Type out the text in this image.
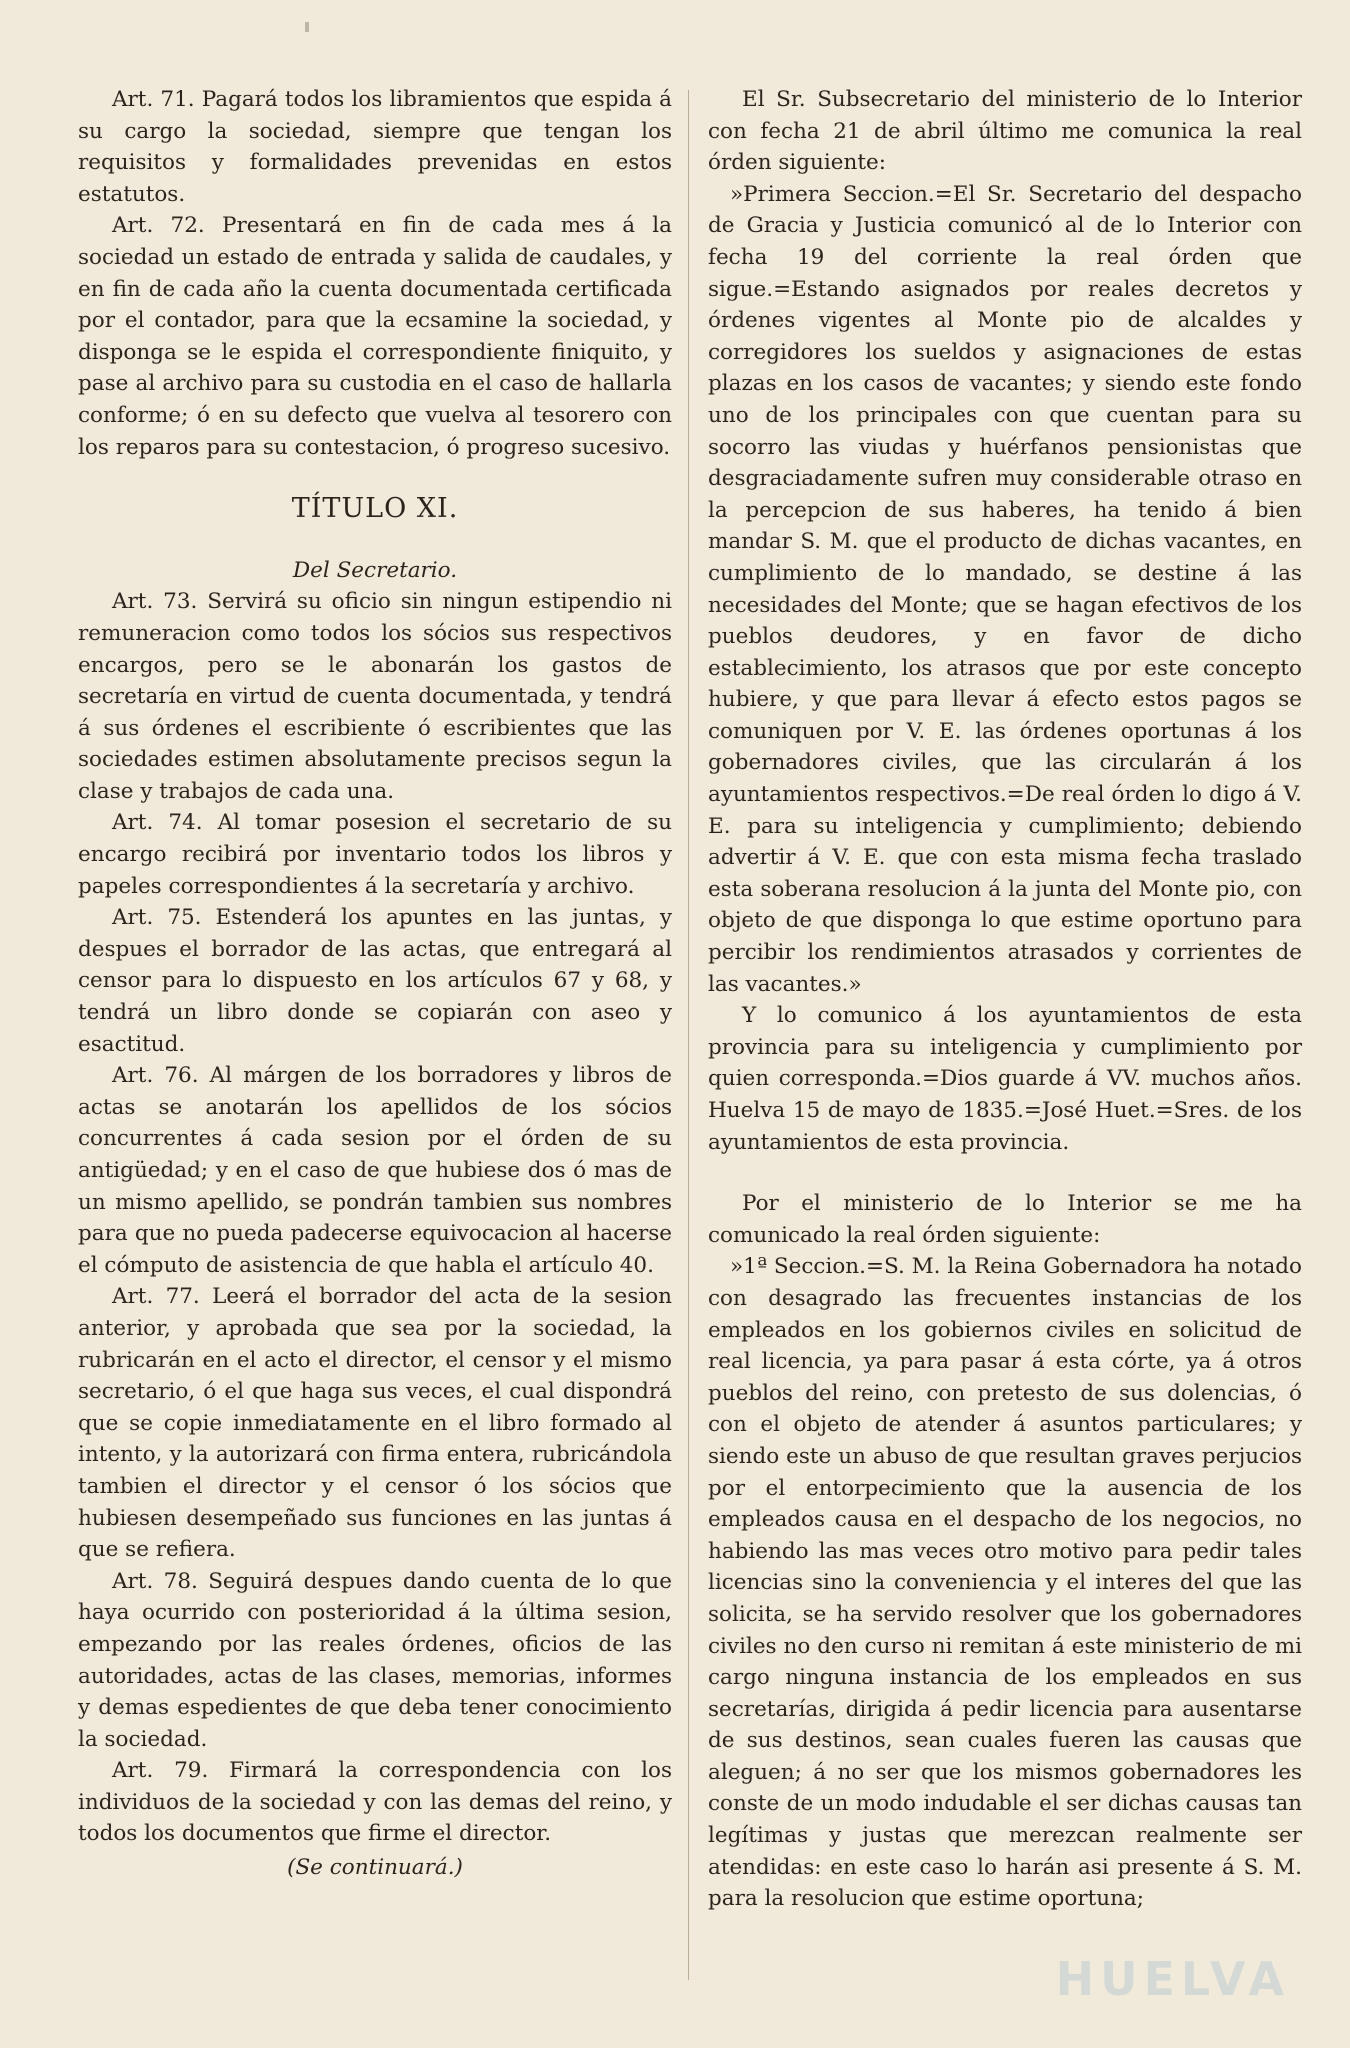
Art. 71. Pagará todos los libramientos que espida á su cargo la sociedad, siempre que tengan los requisitos y formalidades prevenidas en estos estatutos.

Art. 72. Presentará en fin de cada mes á la sociedad un estado de entrada y salida de caudales, y en fin de cada año la cuenta documentada certificada por el contador, para que la ecsamine la sociedad, y disponga se le espida el correspondiente finiquito, y pase al archivo para su custodia en el caso de hallarla conforme; ó en su defecto que vuelva al tesorero con los reparos para su contestacion, ó progreso sucesivo.

TÍTULO XI.

Del Secretario.

Art. 73. Servirá su oficio sin ningun estipendio ni remuneracion como todos los sócios sus respectivos encargos, pero se le abonarán los gastos de secretaría en virtud de cuenta documentada, y tendrá á sus órdenes el escribiente ó escribientes que las sociedades estimen absolutamente precisos segun la clase y trabajos de cada una.

Art. 74. Al tomar posesion el secretario de su encargo recibirá por inventario todos los libros y papeles correspondientes á la secretaría y archivo.

Art. 75. Estenderá los apuntes en las juntas, y despues el borrador de las actas, que entregará al censor para lo dispuesto en los artículos 67 y 68, y tendrá un libro donde se copiarán con aseo y esactitud.

Art. 76. Al márgen de los borradores y libros de actas se anotarán los apellidos de los sócios concurrentes á cada sesion por el órden de su antigüedad; y en el caso de que hubiese dos ó mas de un mismo apellido, se pondrán tambien sus nombres para que no pueda padecerse equivocacion al hacerse el cómputo de asistencia de que habla el artículo 40.

Art. 77. Leerá el borrador del acta de la sesion anterior, y aprobada que sea por la sociedad, la rubricarán en el acto el director, el censor y el mismo secretario, ó el que haga sus veces, el cual dispondrá que se copie inmediatamente en el libro formado al intento, y la autorizará con firma entera, rubricándola tambien el director y el censor ó los sócios que hubiesen desempeñado sus funciones en las juntas á que se refiera.

Art. 78. Seguirá despues dando cuenta de lo que haya ocurrido con posterioridad á la última sesion, empezando por las reales órdenes, oficios de las autoridades, actas de las clases, memorias, informes y demas espedientes de que deba tener conocimiento la sociedad.

Art. 79. Firmará la correspondencia con los individuos de la sociedad y con las demas del reino, y todos los documentos que firme el director.

(Se continuará.)

El Sr. Subsecretario del ministerio de lo Interior con fecha 21 de abril último me comunica la real órden siguiente:

»Primera Seccion.=El Sr. Secretario del despacho de Gracia y Justicia comunicó al de lo Interior con fecha 19 del corriente la real órden que sigue.=Estando asignados por reales decretos y órdenes vigentes al Monte pio de alcaldes y corregidores los sueldos y asignaciones de estas plazas en los casos de vacantes; y siendo este fondo uno de los principales con que cuentan para su socorro las viudas y huérfanos pensionistas que desgraciadamente sufren muy considerable otraso en la percepcion de sus haberes, ha tenido á bien mandar S. M. que el producto de dichas vacantes, en cumplimiento de lo mandado, se destine á las necesidades del Monte; que se hagan efectivos de los pueblos deudores, y en favor de dicho establecimiento, los atrasos que por este concepto hubiere, y que para llevar á efecto estos pagos se comuniquen por V. E. las órdenes oportunas á los gobernadores civiles, que las circularán á los ayuntamientos respectivos.=De real órden lo digo á V. E. para su inteligencia y cumplimiento; debiendo advertir á V. E. que con esta misma fecha traslado esta soberana resolucion á la junta del Monte pio, con objeto de que disponga lo que estime oportuno para percibir los rendimientos atrasados y corrientes de las vacantes.»

Y lo comunico á los ayuntamientos de esta provincia para su inteligencia y cumplimiento por quien corresponda.=Dios guarde á VV. muchos años. Huelva 15 de mayo de 1835.=José Huet.=Sres. de los ayuntamientos de esta provincia.

Por el ministerio de lo Interior se me ha comunicado la real órden siguiente:

»1ª Seccion.=S. M. la Reina Gobernadora ha notado con desagrado las frecuentes instancias de los empleados en los gobiernos civiles en solicitud de real licencia, ya para pasar á esta córte, ya á otros pueblos del reino, con pretesto de sus dolencias, ó con el objeto de atender á asuntos particulares; y siendo este un abuso de que resultan graves perjucios por el entorpecimiento que la ausencia de los empleados causa en el despacho de los negocios, no habiendo las mas veces otro motivo para pedir tales licencias sino la conveniencia y el interes del que las solicita, se ha servido resolver que los gobernadores civiles no den curso ni remitan á este ministerio de mi cargo ninguna instancia de los empleados en sus secretarías, dirigida á pedir licencia para ausentarse de sus destinos, sean cuales fueren las causas que aleguen; á no ser que los mismos gobernadores les conste de un modo indudable el ser dichas causas tan legítimas y justas que merezcan realmente ser atendidas: en este caso lo harán asi presente á S. M. para la resolucion que estime oportuna;

HUELVA
